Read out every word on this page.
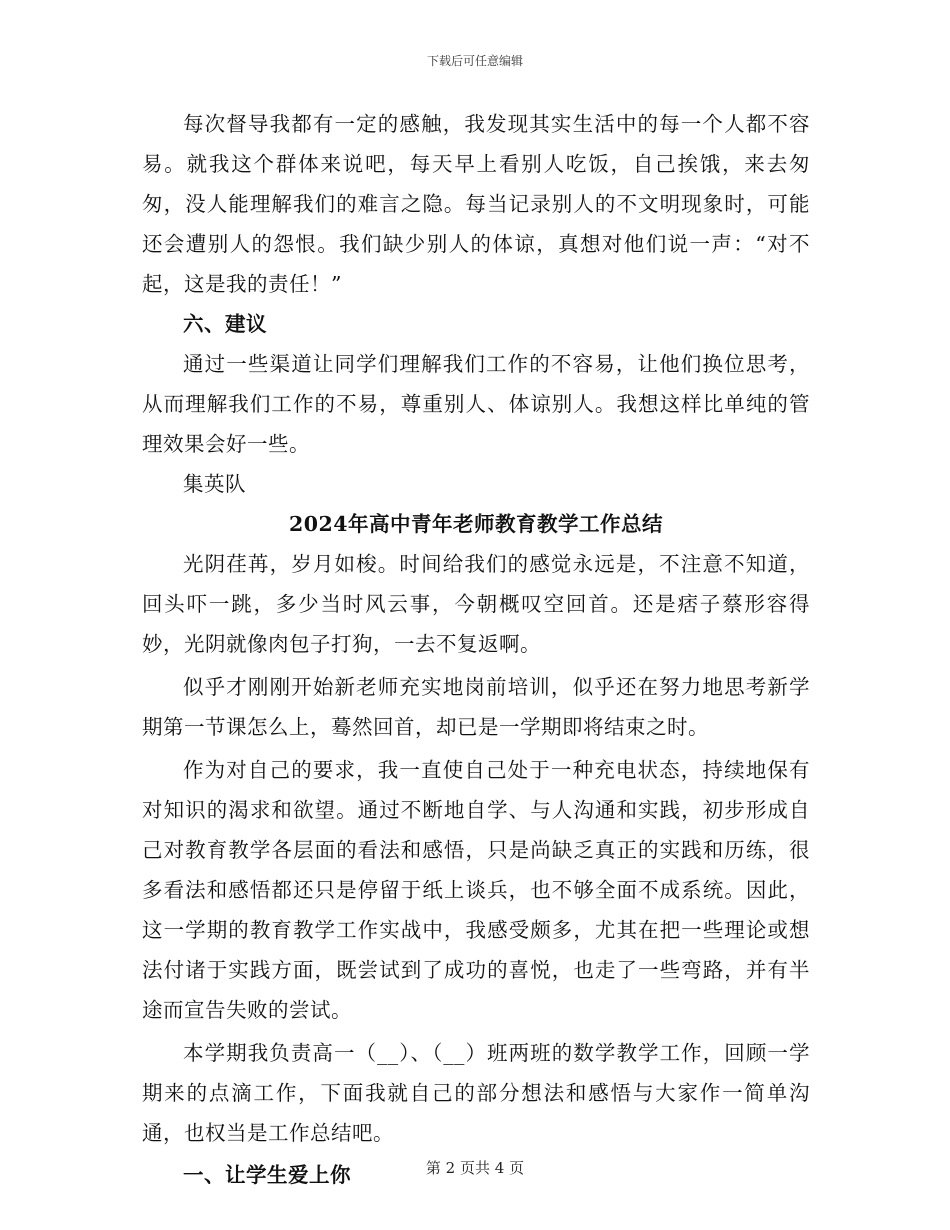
下载后可任意编辑

每次督导我都有一定的感触，我发现其实生活中的每一个人都不容易。就我这个群体来说吧，每天早上看别人吃饭，自己挨饿，来去匆匆，没人能理解我们的难言之隐。每当记录别人的不文明现象时，可能还会遭别人的怨恨。我们缺少别人的体谅，真想对他们说一声：“对不起，这是我的责任！”

六、建议

通过一些渠道让同学们理解我们工作的不容易，让他们换位思考，从而理解我们工作的不易，尊重别人、体谅别人。我想这样比单纯的管理效果会好一些。

集英队

2024年高中青年老师教育教学工作总结

光阴荏苒，岁月如梭。时间给我们的感觉永远是，不注意不知道，回头吓一跳，多少当时风云事，今朝概叹空回首。还是痞子蔡形容得妙，光阴就像肉包子打狗，一去不复返啊。

似乎才刚刚开始新老师充实地岗前培训，似乎还在努力地思考新学期第一节课怎么上，蓦然回首，却已是一学期即将结束之时。

作为对自己的要求，我一直使自己处于一种充电状态，持续地保有对知识的渴求和欲望。通过不断地自学、与人沟通和实践，初步形成自己对教育教学各层面的看法和感悟，只是尚缺乏真正的实践和历练，很多看法和感悟都还只是停留于纸上谈兵，也不够全面不成系统。因此，这一学期的教育教学工作实战中，我感受颇多，尤其在把一些理论或想法付诸于实践方面，既尝试到了成功的喜悦，也走了一些弯路，并有半途而宣告失败的尝试。

本学期我负责高一（__）、（__）班两班的数学教学工作，回顾一学期来的点滴工作，下面我就自己的部分想法和感悟与大家作一简单沟通，也权当是工作总结吧。

一、让学生爱上你	第 2 页共 4 页
